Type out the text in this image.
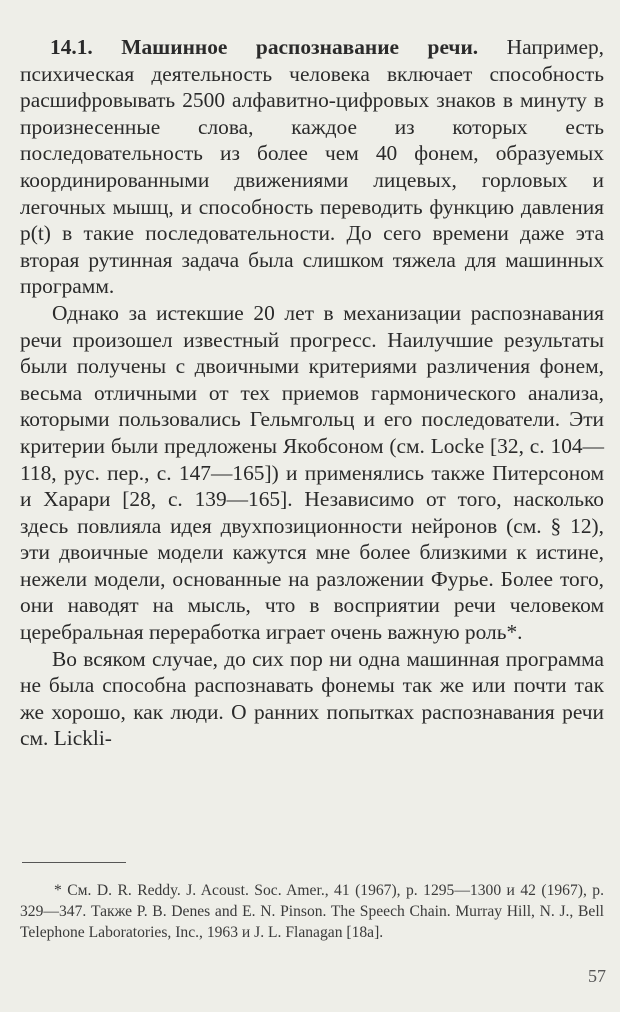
14.1. Машинное распознавание речи. Например, психическая деятельность человека включает способность расшифровывать 2500 алфавитно-цифровых знаков в минуту в произнесенные слова, каждое из которых есть последовательность из более чем 40 фонем, образуемых координированными движениями лицевых, горловых и легочных мышц, и способность переводить функцию давления p(t) в такие последовательности. До сего времени даже эта вторая рутинная задача была слишком тяжела для машинных программ.

Однако за истекшие 20 лет в механизации распознавания речи произошел известный прогресс. Наилучшие результаты были получены с двоичными критериями различения фонем, весьма отличными от тех приемов гармонического анализа, которыми пользовались Гельмгольц и его последователи. Эти критерии были предложены Якобсоном (см. Locke [32, с. 104—118, рус. пер., с. 147—165]) и применялись также Питерсоном и Харари [28, с. 139—165]. Независимо от того, насколько здесь повлияла идея двухпозиционности нейронов (см. § 12), эти двоичные модели кажутся мне более близкими к истине, нежели модели, основанные на разложении Фурье. Более того, они наводят на мысль, что в восприятии речи человеком церебральная переработка играет очень важную роль*.

Во всяком случае, до сих пор ни одна машинная программа не была способна распознавать фонемы так же или почти так же хорошо, как люди. О ранних попытках распознавания речи см. Lickli-

* См. D. R. Reddy. J. Acoust. Soc. Amer., 41 (1967), p. 1295—1300 и 42 (1967), p. 329—347. Также P. B. Denes and E. N. Pinson. The Speech Chain. Murray Hill, N. J., Bell Telephone Laboratories, Inc., 1963 и J. L. Flanagan [18a].

57
